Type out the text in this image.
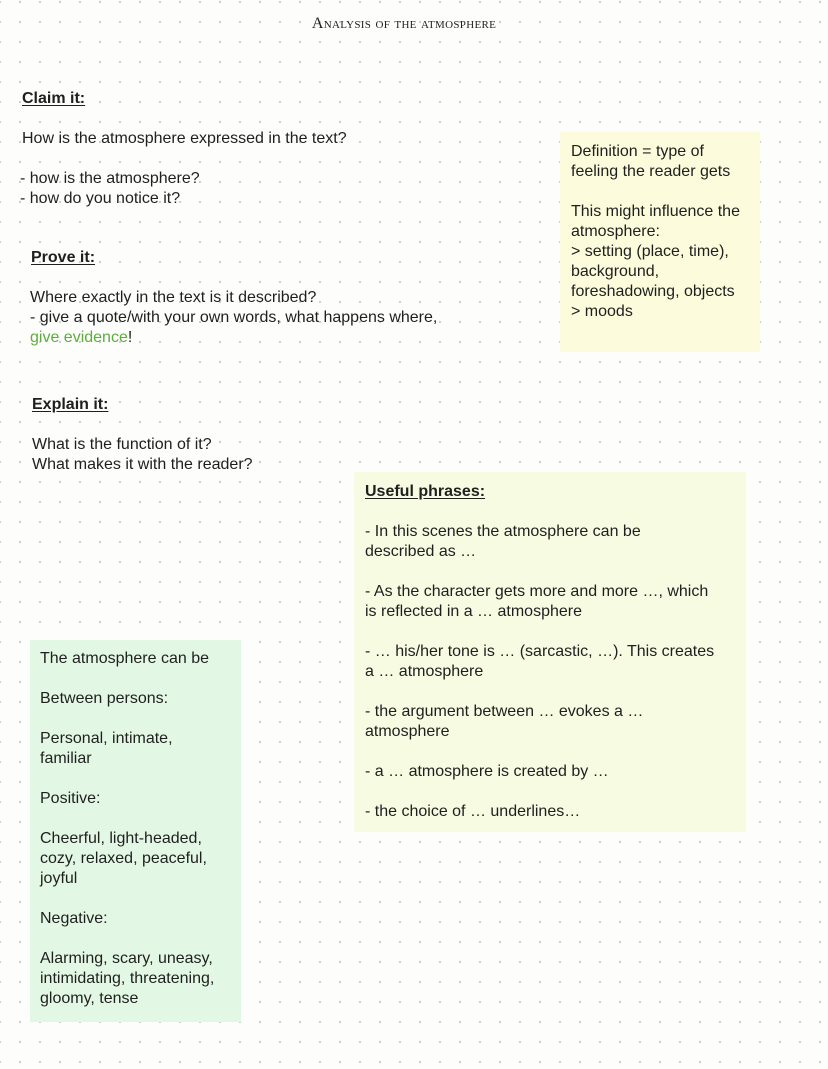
Analysis of the atmosphere
Claim it:
How is the atmosphere expressed in the text?
- how is the atmosphere?
- how do you notice it?
Prove it:
Where exactly in the text is it described?
- give a quote/with your own words, what happens where,
give evidence!
Explain it:
What is the function of it?
What makes it with the reader?
Definition = type of
feeling the reader gets
This might influence the
atmosphere:
> setting (place, time),
background,
foreshadowing, objects
> moods
Useful phrases:
- In this scenes the atmosphere can be
described as …
- As the character gets more and more …, which
is reflected in a … atmosphere
- … his/her tone is … (sarcastic, …). This creates
a … atmosphere
- the argument between … evokes a …
atmosphere
- a … atmosphere is created by …
- the choice of … underlines…
The atmosphere can be
Between persons:
Personal, intimate,
familiar
Positive:
Cheerful, light-headed,
cozy, relaxed, peaceful,
joyful
Negative:
Alarming, scary, uneasy,
intimidating, threatening,
gloomy, tense
